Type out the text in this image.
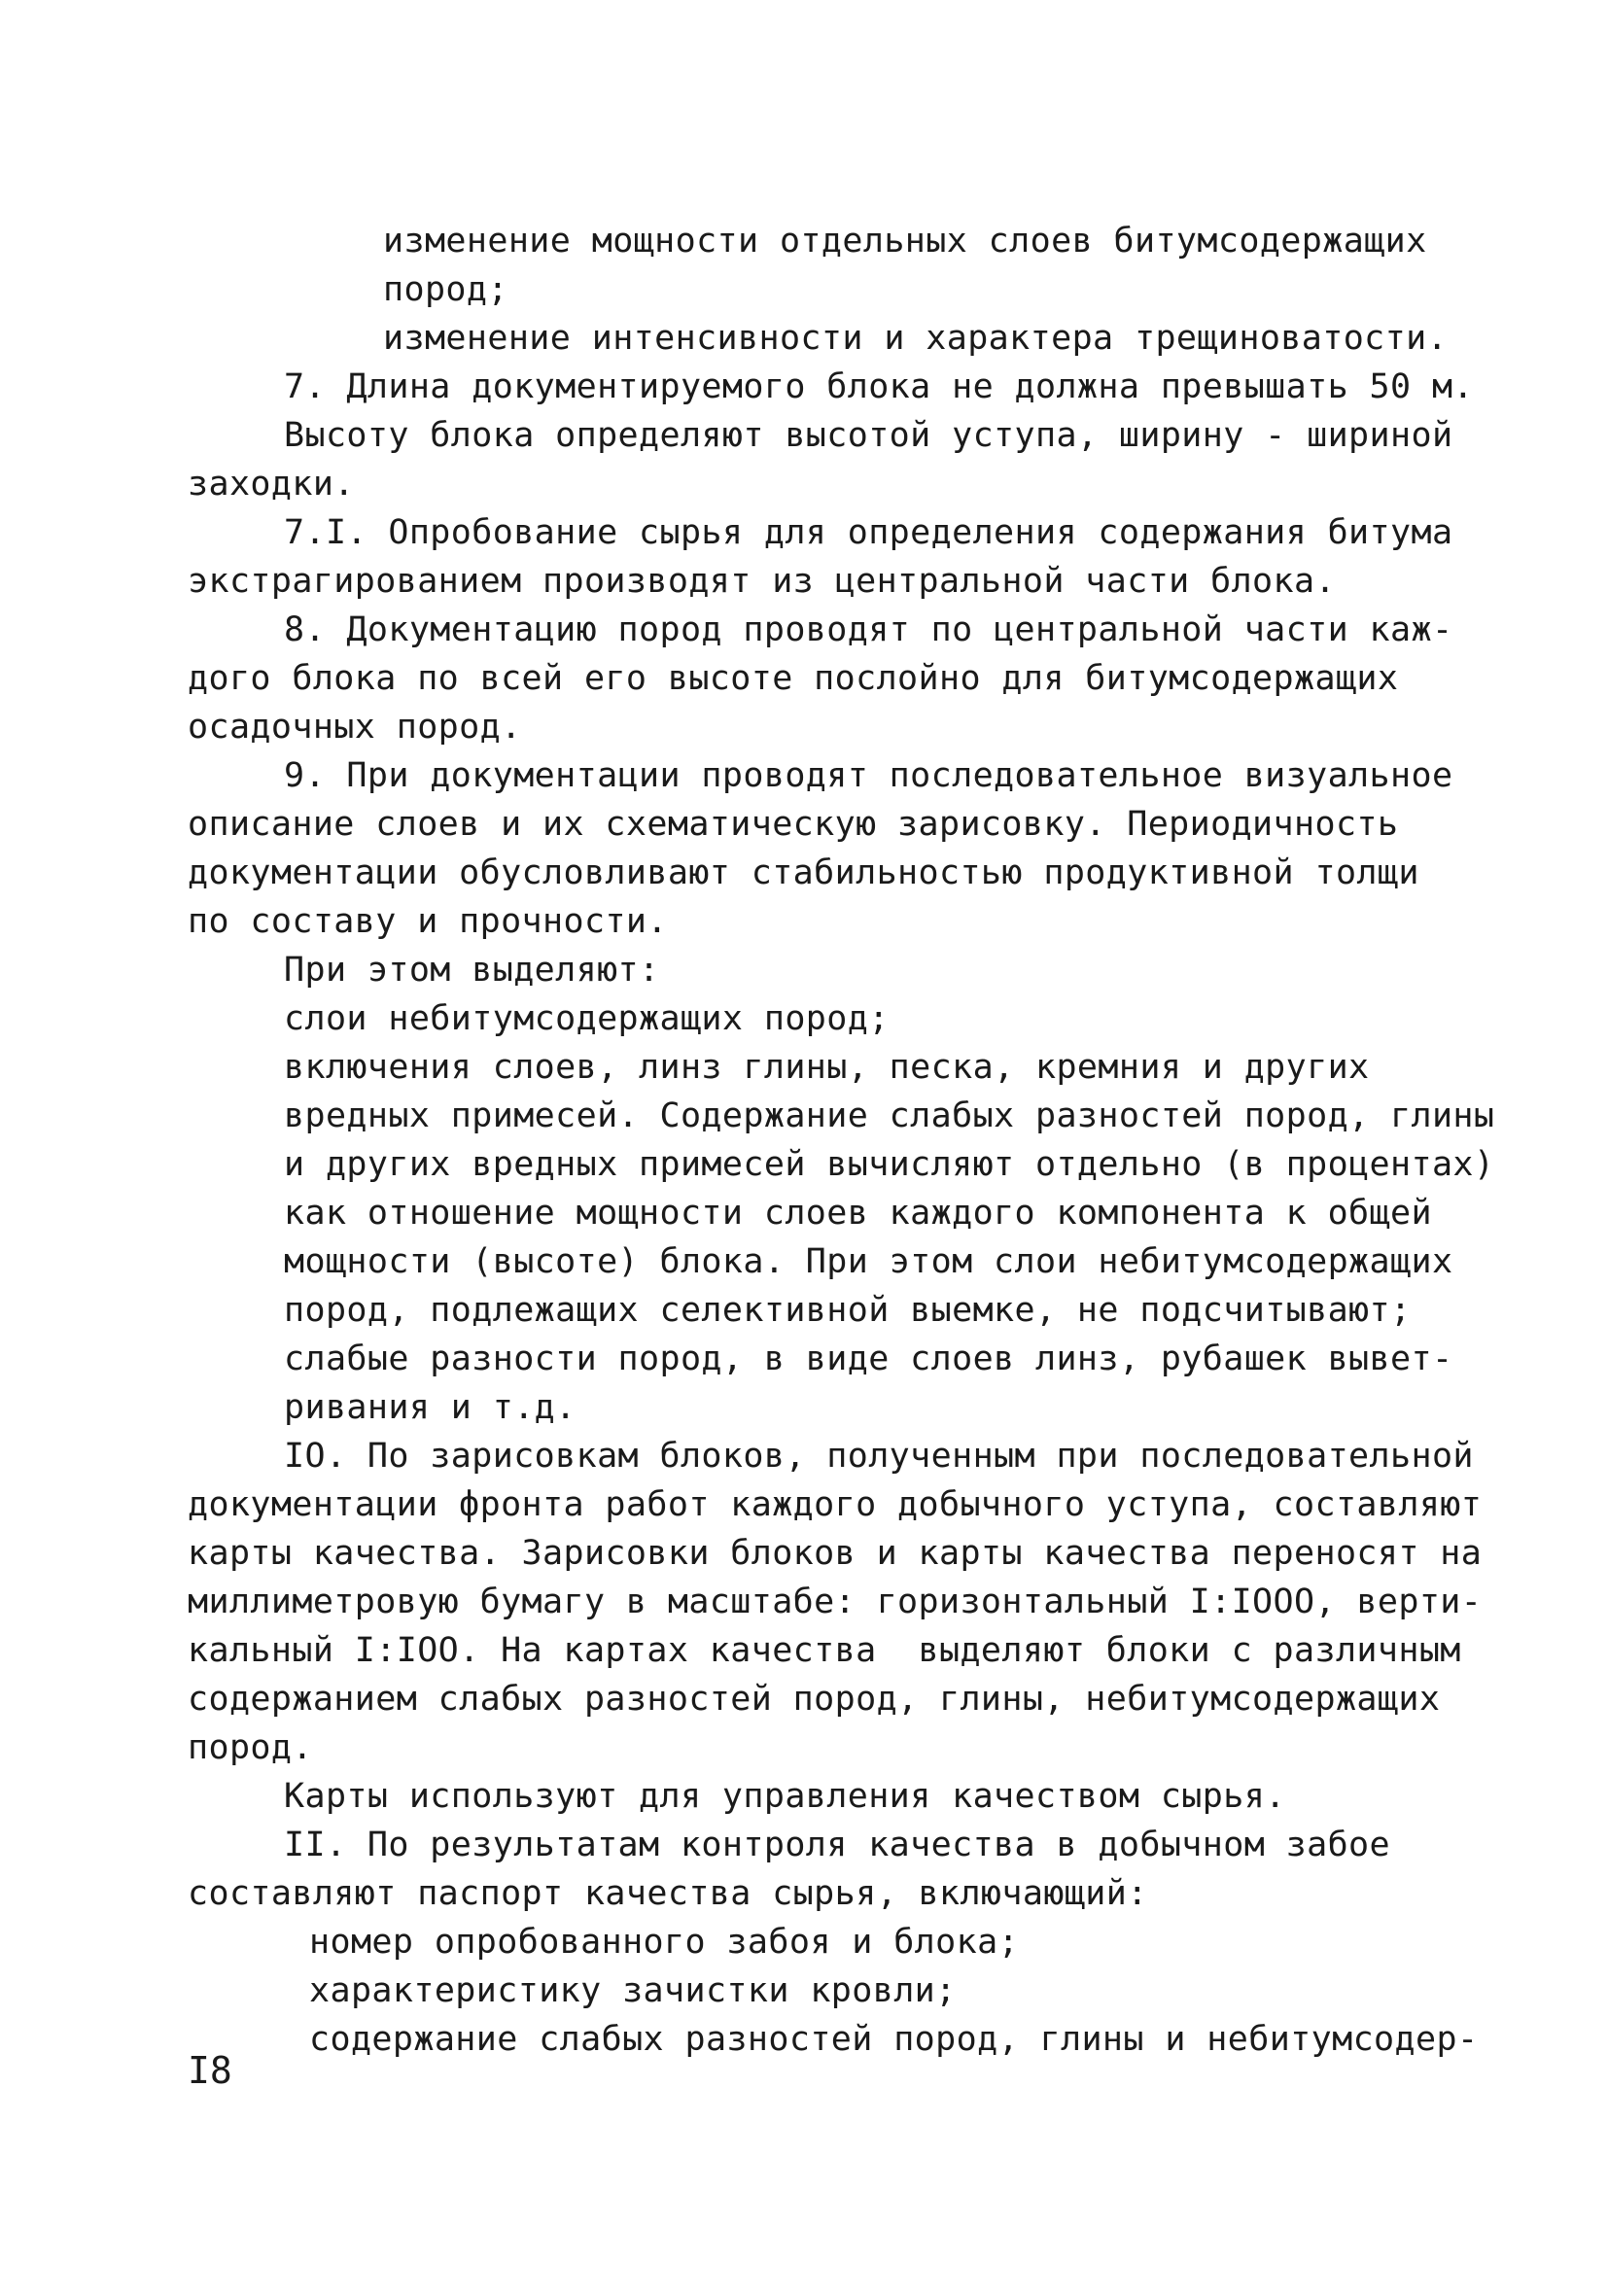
изменение мощности отдельных слоев битумсодержащих
пород;
изменение интенсивности и характера трещиноватости.
7. Длина документируемого блока не должна превышать 50 м.
Высоту блока определяют высотой уступа, ширину - шириной
заходки.
7.I. Опробование сырья для определения содержания битума
экстрагированием производят из центральной части блока.
8. Документацию пород проводят по центральной части каж-
дого блока по всей его высоте послойно для битумсодержащих
осадочных пород.
9. При документации проводят последовательное визуальное
описание слоев и их схематическую зарисовку. Периодичность
документации обусловливают стабильностью продуктивной толщи
по составу и прочности.
При этом выделяют:
слои небитумсодержащих пород;
включения слоев, линз глины, песка, кремния и других
вредных примесей. Содержание слабых разностей пород, глины
и других вредных примесей вычисляют отдельно (в процентах)
как отношение мощности слоев каждого компонента к общей
мощности (высоте) блока. При этом слои небитумсодержащих
пород, подлежащих селективной выемке, не подсчитывают;
слабые разности пород, в виде слоев линз, рубашек вывет-
ривания и т.д.
IO. По зарисовкам блоков, полученным при последовательной
документации фронта работ каждого добычного уступа, составляют
карты качества. Зарисовки блоков и карты качества переносят на
миллиметровую бумагу в масштабе: горизонтальный I:IOOO, верти-
кальный I:IOO. На картах качества  выделяют блоки с различным
содержанием слабых разностей пород, глины, небитумсодержащих
пород.
Карты используют для управления качеством сырья.
II. По результатам контроля качества в добычном забое
составляют паспорт качества сырья, включающий:
номер опробованного забоя и блока;
характеристику зачистки кровли;
содержание слабых разностей пород, глины и небитумсодер-
I8
